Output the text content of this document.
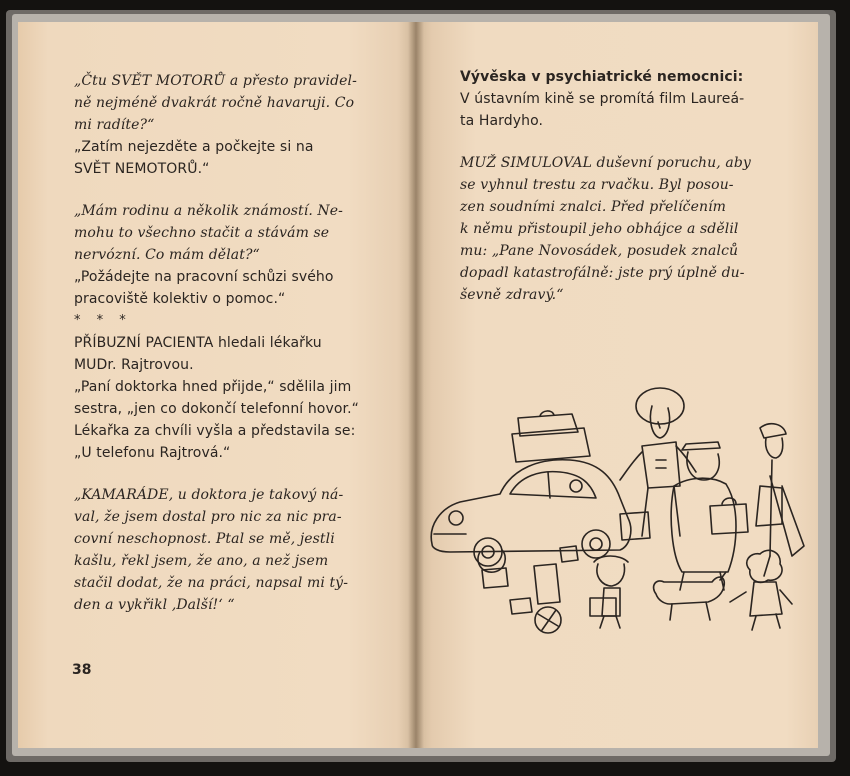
„Čtu SVĚT MOTORŮ a přesto pravidel-

ně nejméně dvakrát ročně havaruji. Co

mi radíte?“

„Zatím nejezděte a počkejte si na

SVĚT NEMOTORŮ.“

„Mám rodinu a několik známostí. Ne-

mohu to všechno stačit a stávám se

nervózní. Co mám dělat?“

„Požádejte na pracovní schůzi svého

pracoviště kolektiv o pomoc.“

* * *

PŘÍBUZNÍ PACIENTA hledali lékařku

MUDr. Rajtrovou.

„Paní doktorka hned přijde,“ sdělila jim

sestra, „jen co dokončí telefonní hovor.“

Lékařka za chvíli vyšla a představila se:

„U telefonu Rajtrová.“

„KAMARÁDE, u doktora je takový ná-

val, že jsem dostal pro nic za nic pra-

covní neschopnost. Ptal se mě, jestli

kašlu, řekl jsem, že ano, a než jsem

stačil dodat, že na práci, napsal mi tý-

den a vykřikl ‚Další!‘ “

38

Vývěska v psychiatrické nemocnici:

V ústavním kině se promítá film Laureá-

ta Hardyho.

MUŽ SIMULOVAL duševní poruchu, aby

se vyhnul trestu za rvačku. Byl posou-

zen soudními znalci. Před přelíčením

k němu přistoupil jeho obhájce a sdělil

mu: „Pane Novosádek, posudek znalců

dopadl katastrofálně: jste prý úplně du-

ševně zdravý.“
